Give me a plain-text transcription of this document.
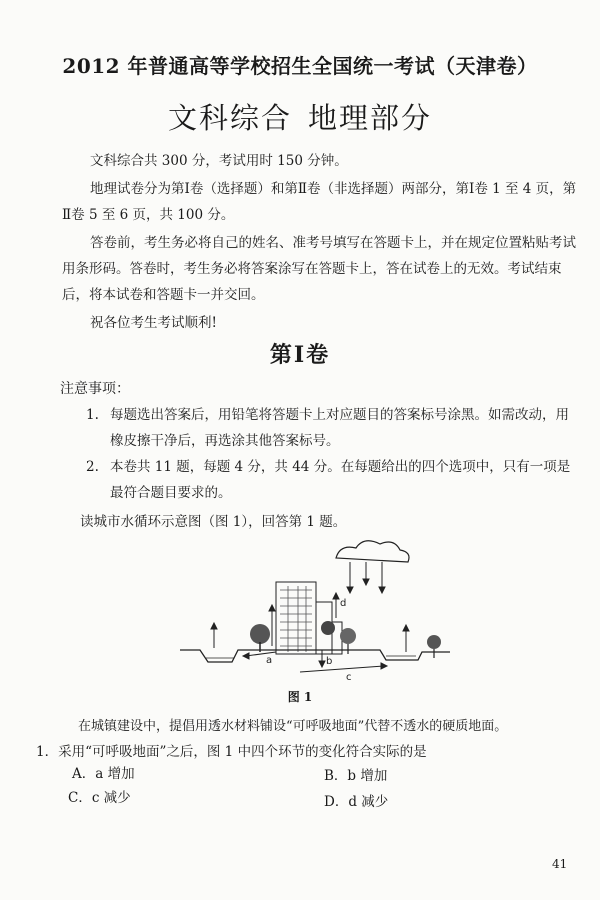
2012 年普通高等学校招生全国统一考试（天津卷）
文科综合 地理部分

文科综合共 300 分，考试用时 150 分钟。

地理试卷分为第Ⅰ卷（选择题）和第Ⅱ卷（非选择题）两部分，第Ⅰ卷 1 至 4 页，第Ⅱ卷 5 至 6 页，共 100 分。

答卷前，考生务必将自己的姓名、准考号填写在答题卡上，并在规定位置粘贴考试用条形码。答卷时，考生务必将答案涂写在答题卡上，答在试卷上的无效。考试结束后，将本试卷和答题卡一并交回。

祝各位考生考试顺利!

第Ⅰ卷

注意事项：

1. 每题选出答案后，用铅笔将答题卡上对应题目的答案标号涂黑。如需改动，用橡皮擦干净后，再选涂其他答案标号。
2. 本卷共 11 题，每题 4 分，共 44 分。在每题给出的四个选项中，只有一项是最符合题目要求的。

读城市水循环示意图（图 1），回答第 1 题。

d
a	b
c

图 1

在城镇建设中，提倡用透水材料铺设“可呼吸地面”代替不透水的硬质地面。

1．采用“可呼吸地面”之后，图 1 中四个环节的变化符合实际的是

A．a 增加	B．b 增加

C．c 减少	D．d 减少

41
